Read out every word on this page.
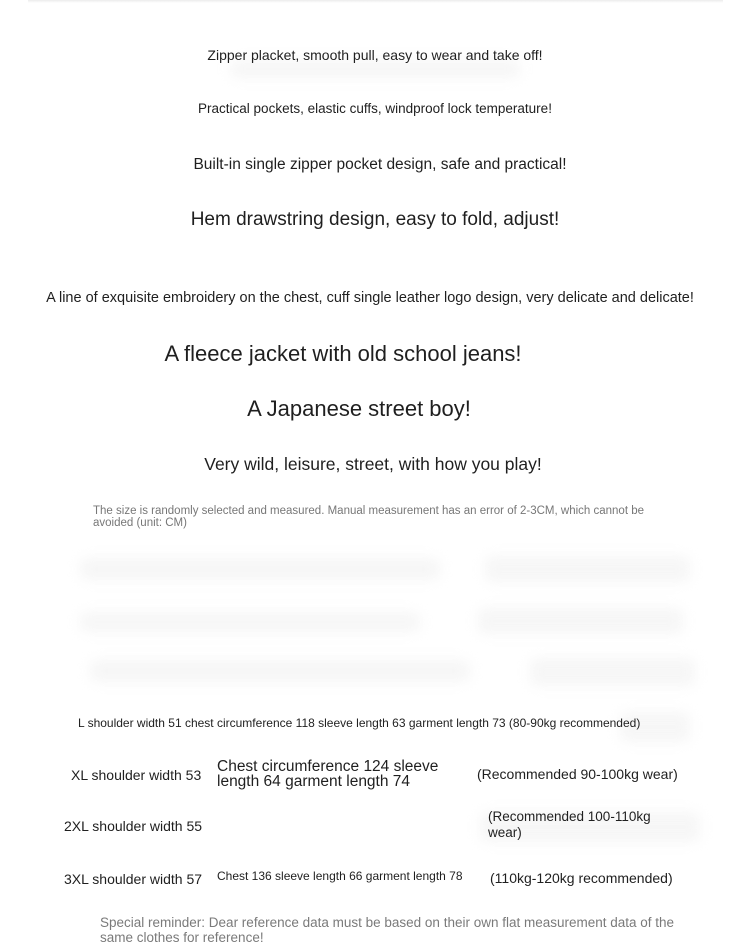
Zipper placket, smooth pull, easy to wear and take off!
Practical pockets, elastic cuffs, windproof lock temperature!
Built-in single zipper pocket design, safe and practical!
Hem drawstring design, easy to fold, adjust!
A line of exquisite embroidery on the chest, cuff single leather logo design, very delicate and delicate!
A fleece jacket with old school jeans!
A Japanese street boy!
Very wild, leisure, street, with how you play!
The size is randomly selected and measured. Manual measurement has an error of 2-3CM, which cannot be avoided (unit: CM)
L shoulder width 51 chest circumference 118 sleeve length 63 garment length 73 (80-90kg recommended)
XL shoulder width 53 Chest circumference 124 sleeve length 64 garment length 74	(Recommended 90-100kg wear)
2XL shoulder width 55
(Recommended 100-110kg wear)
3XL shoulder width 57 Chest 136 sleeve length 66 garment length 78 (110kg-120kg recommended)
Special reminder: Dear reference data must be based on their own flat measurement data of the same clothes for reference!
